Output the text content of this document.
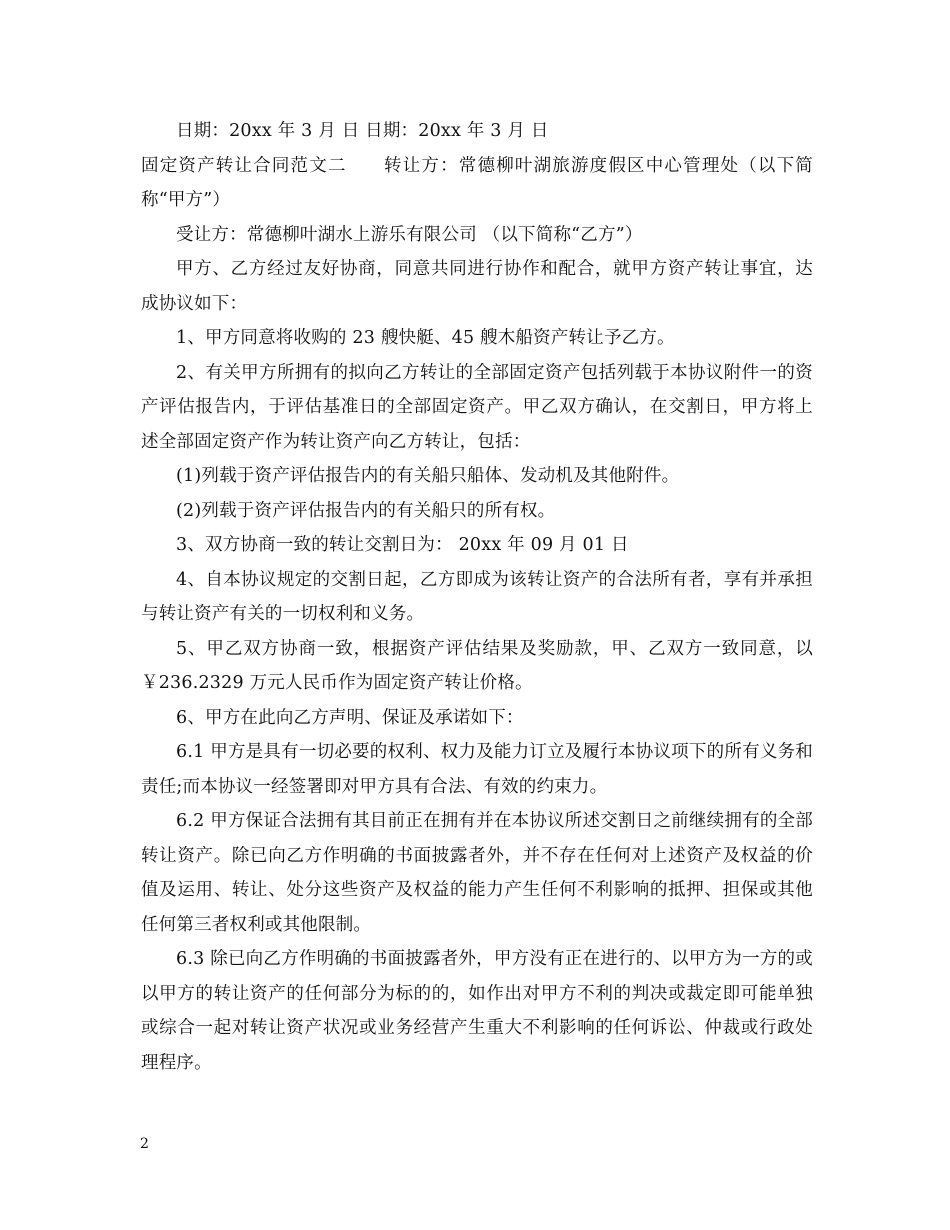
日期：20xx 年 3 月 日 日期：20xx 年 3 月 日

固定资产转让合同范文二　　转让方：常德柳叶湖旅游度假区中心管理处（以下简称“甲方”）

受让方：常德柳叶湖水上游乐有限公司 （以下简称“乙方”）

甲方、乙方经过友好协商，同意共同进行协作和配合，就甲方资产转让事宜，达成协议如下：

1、甲方同意将收购的 23 艘快艇、45 艘木船资产转让予乙方。

2、有关甲方所拥有的拟向乙方转让的全部固定资产包括列载于本协议附件一的资产评估报告内，于评估基准日的全部固定资产。甲乙双方确认，在交割日，甲方将上述全部固定资产作为转让资产向乙方转让，包括：

(1)列载于资产评估报告内的有关船只船体、发动机及其他附件。

(2)列载于资产评估报告内的有关船只的所有权。

3、双方协商一致的转让交割日为： 20xx 年 09 月 01 日

4、自本协议规定的交割日起，乙方即成为该转让资产的合法所有者，享有并承担与转让资产有关的一切权利和义务。

5、甲乙双方协商一致，根据资产评估结果及奖励款，甲、乙双方一致同意，以￥236.2329 万元人民币作为固定资产转让价格。

6、甲方在此向乙方声明、保证及承诺如下：

6.1 甲方是具有一切必要的权利、权力及能力订立及履行本协议项下的所有义务和责任;而本协议一经签署即对甲方具有合法、有效的约束力。

6.2 甲方保证合法拥有其目前正在拥有并在本协议所述交割日之前继续拥有的全部转让资产。除已向乙方作明确的书面披露者外，并不存在任何对上述资产及权益的价值及运用、转让、处分这些资产及权益的能力产生任何不利影响的抵押、担保或其他任何第三者权利或其他限制。

6.3 除已向乙方作明确的书面披露者外，甲方没有正在进行的、以甲方为一方的或以甲方的转让资产的任何部分为标的的，如作出对甲方不利的判决或裁定即可能单独或综合一起对转让资产状况或业务经营产生重大不利影响的任何诉讼、仲裁或行政处理程序。

2
